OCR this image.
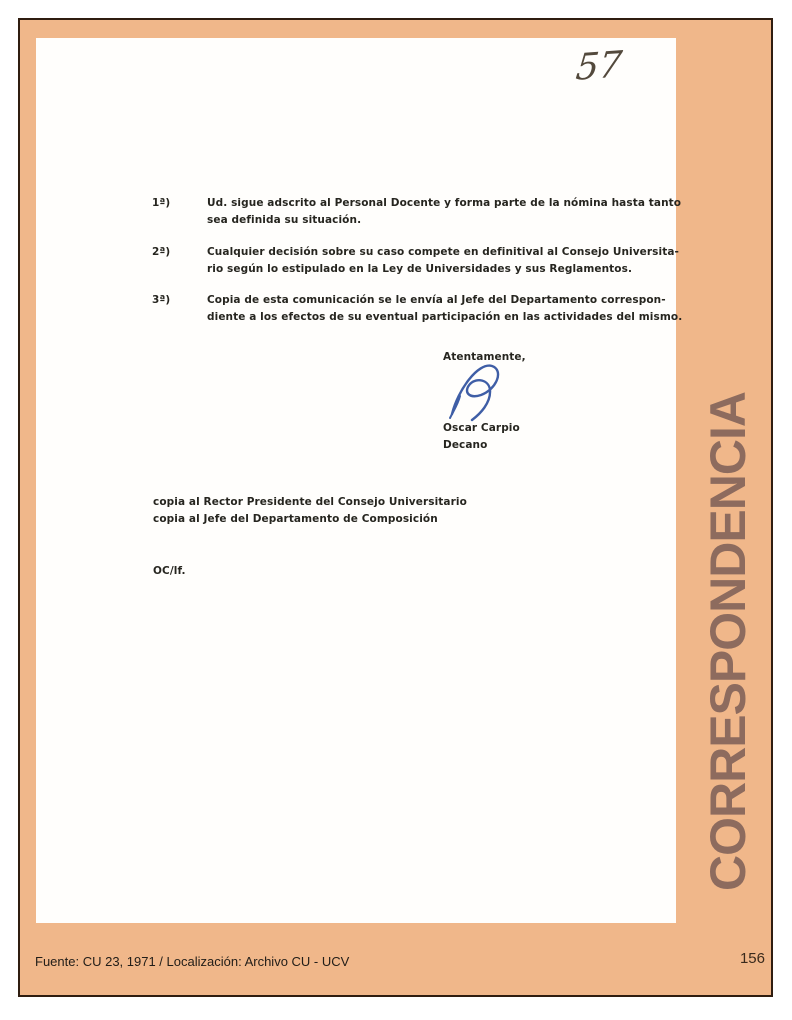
57
1ª)	Ud. sigue adscrito al Personal Docente y forma parte de la nómina hasta tanto
sea definida su situación.
2ª)	Cualquier decisión sobre su caso compete en definitival al Consejo Universita-
rio según lo estipulado en la Ley de Universidades y sus Reglamentos.
3ª)	Copia de esta comunicación se le envía al Jefe del Departamento correspon-
diente a los efectos de su eventual participación en las actividades del mismo.
Atentamente,
Oscar Carpio
Decano
copia al Rector Presidente del Consejo Universitario
copia al Jefe del Departamento de Composición
OC/lf.	CORRESPONDENCIA
Fuente: CU 23, 1971 / Localización: Archivo CU - UCV	156
